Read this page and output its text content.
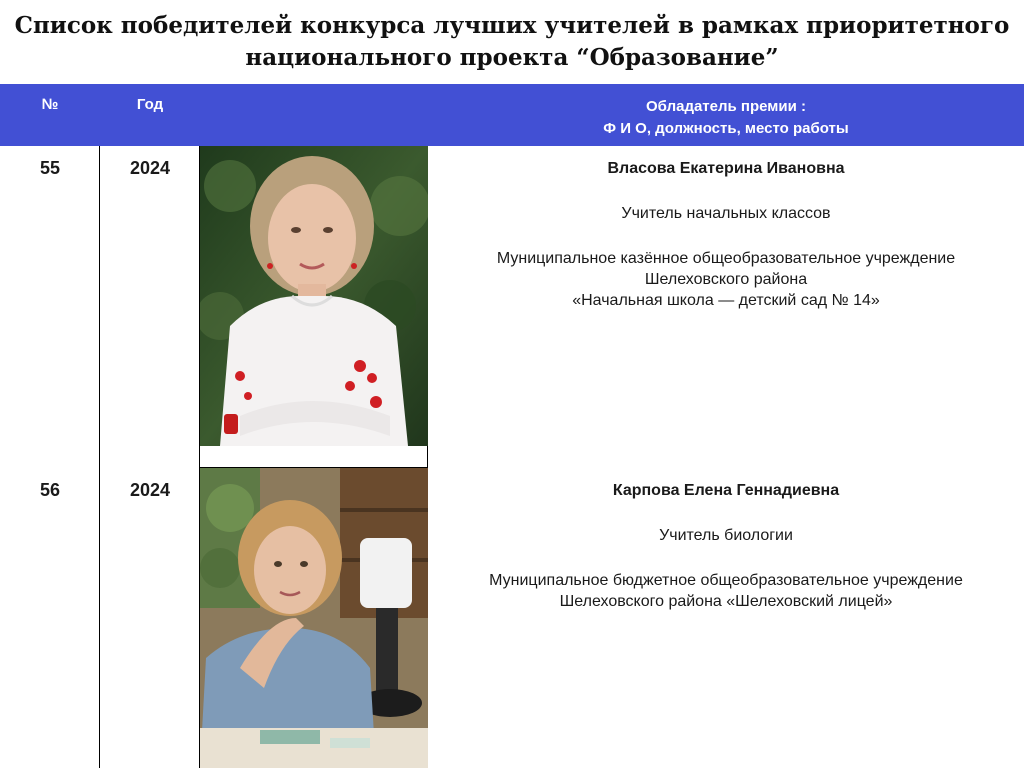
Список победителей конкурса лучших учителей в рамках приоритетного
национального проекта “Образование”
№	Год	Обладатель премии :
Ф И О, должность, место работы
55	2024	Власова Екатерина Ивановна
Учитель начальных классов
Муниципальное казённое общеобразовательное учреждение
Шелеховского района
«Начальная школа — детский сад № 14»
56	2024	Карпова Елена Геннадиевна
Учитель биологии
Муниципальное бюджетное общеобразовательное учреждение
Шелеховского района «Шелеховский лицей»
